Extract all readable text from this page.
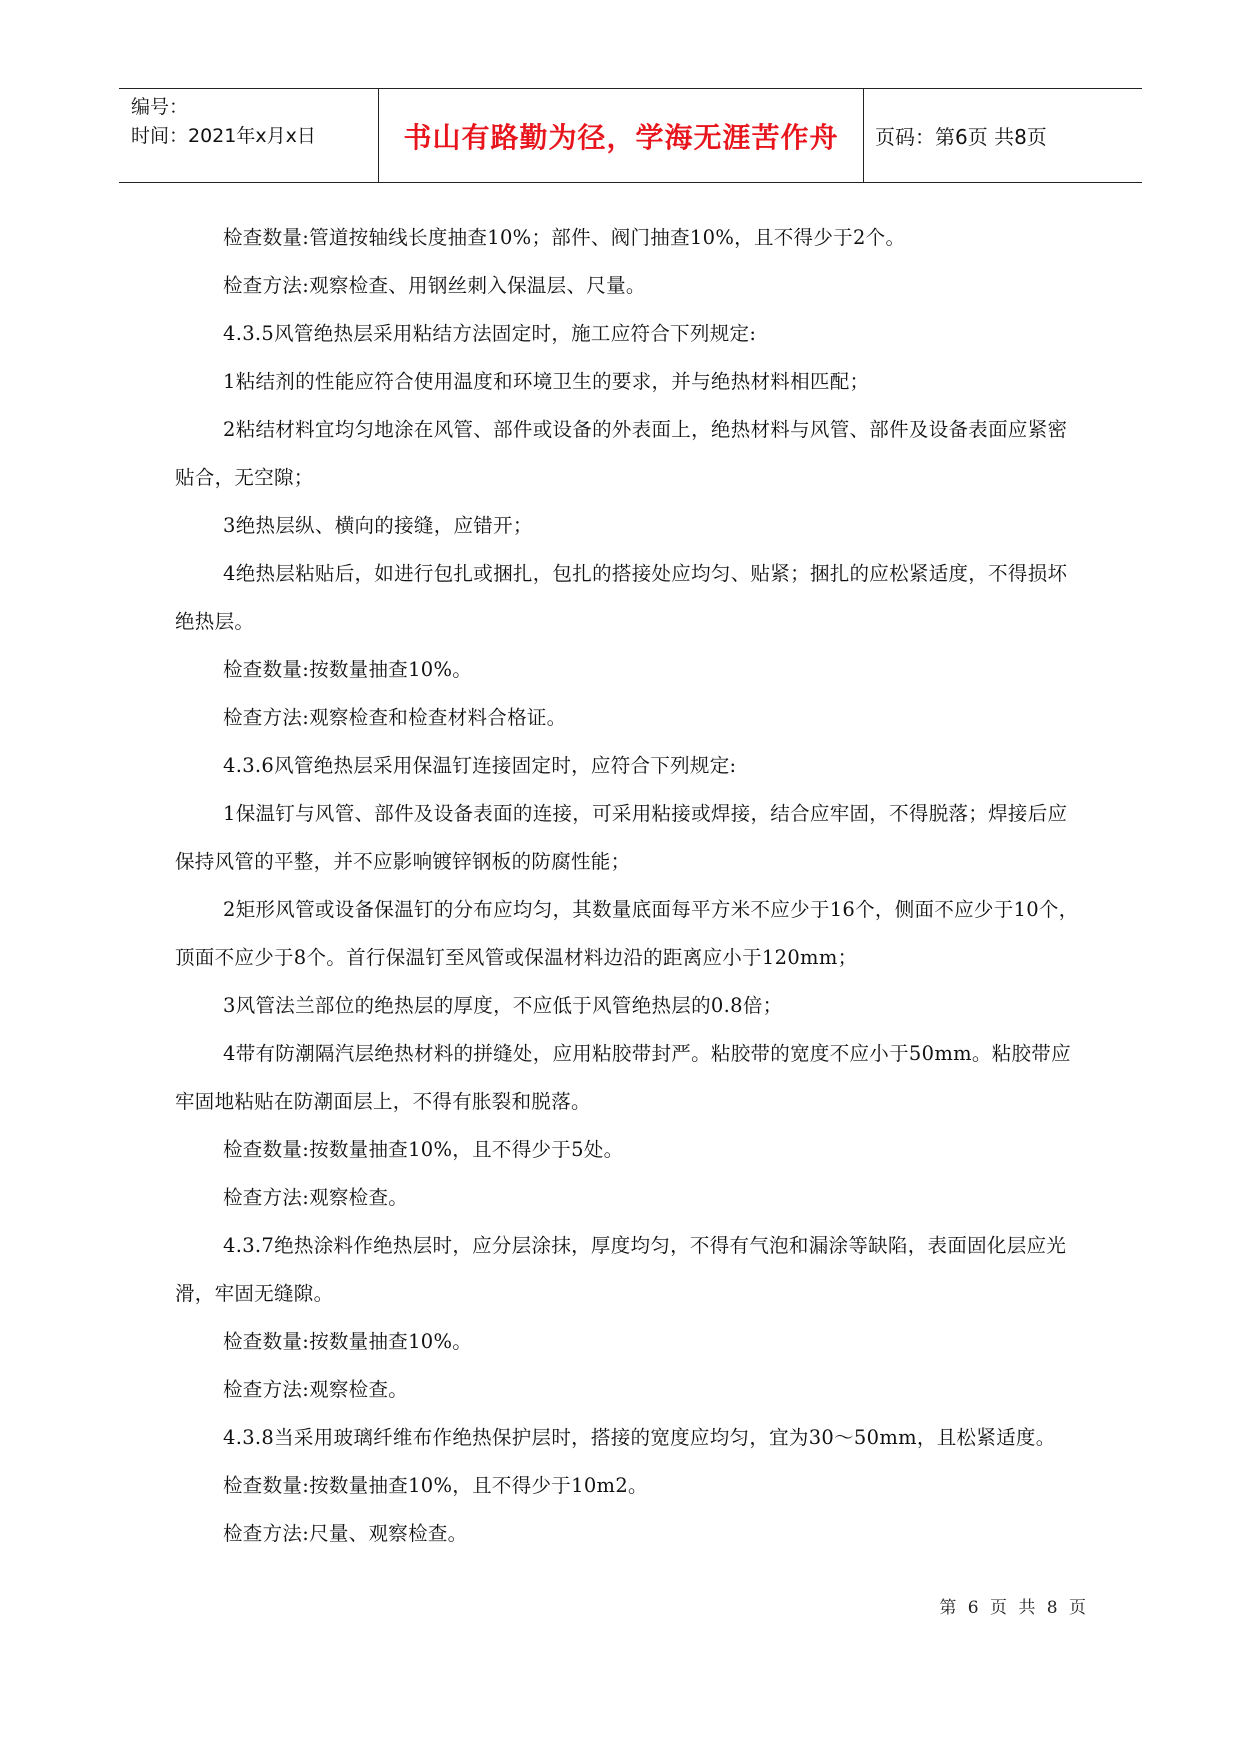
编号：
时间：2021年x月x日	书山有路勤为径，学海无涯苦作舟	页码：第6页 共8页

检查数量:管道按轴线长度抽查10%；部件、阀门抽查10%，且不得少于2个。

检查方法:观察检查、用钢丝刺入保温层、尺量。

4.3.5风管绝热层采用粘结方法固定时，施工应符合下列规定:

1粘结剂的性能应符合使用温度和环境卫生的要求，并与绝热材料相匹配；

2粘结材料宜均匀地涂在风管、部件或设备的外表面上，绝热材料与风管、部件及设备表面应紧密贴合，无空隙；

3绝热层纵、横向的接缝，应错开；

4绝热层粘贴后，如进行包扎或捆扎，包扎的搭接处应均匀、贴紧；捆扎的应松紧适度，不得损坏绝热层。

检查数量:按数量抽查10%。

检查方法:观察检查和检查材料合格证。

4.3.6风管绝热层采用保温钉连接固定时，应符合下列规定:

1保温钉与风管、部件及设备表面的连接，可采用粘接或焊接，结合应牢固，不得脱落；焊接后应保持风管的平整，并不应影响镀锌钢板的防腐性能；

2矩形风管或设备保温钉的分布应均匀，其数量底面每平方米不应少于16个，侧面不应少于10个，顶面不应少于8个。首行保温钉至风管或保温材料边沿的距离应小于120mm；

3风管法兰部位的绝热层的厚度，不应低于风管绝热层的0.8倍；

4带有防潮隔汽层绝热材料的拼缝处，应用粘胶带封严。粘胶带的宽度不应小于50mm。粘胶带应牢固地粘贴在防潮面层上，不得有胀裂和脱落。

检查数量:按数量抽查10%，且不得少于5处。

检查方法:观察检查。

4.3.7绝热涂料作绝热层时，应分层涂抹，厚度均匀，不得有气泡和漏涂等缺陷，表面固化层应光滑，牢固无缝隙。

检查数量:按数量抽查10%。

检查方法:观察检查。

4.3.8当采用玻璃纤维布作绝热保护层时，搭接的宽度应均匀，宜为30～50mm，且松紧适度。

检查数量:按数量抽查10%，且不得少于10m2。

检查方法:尺量、观察检查。

第 6 页 共 8 页
